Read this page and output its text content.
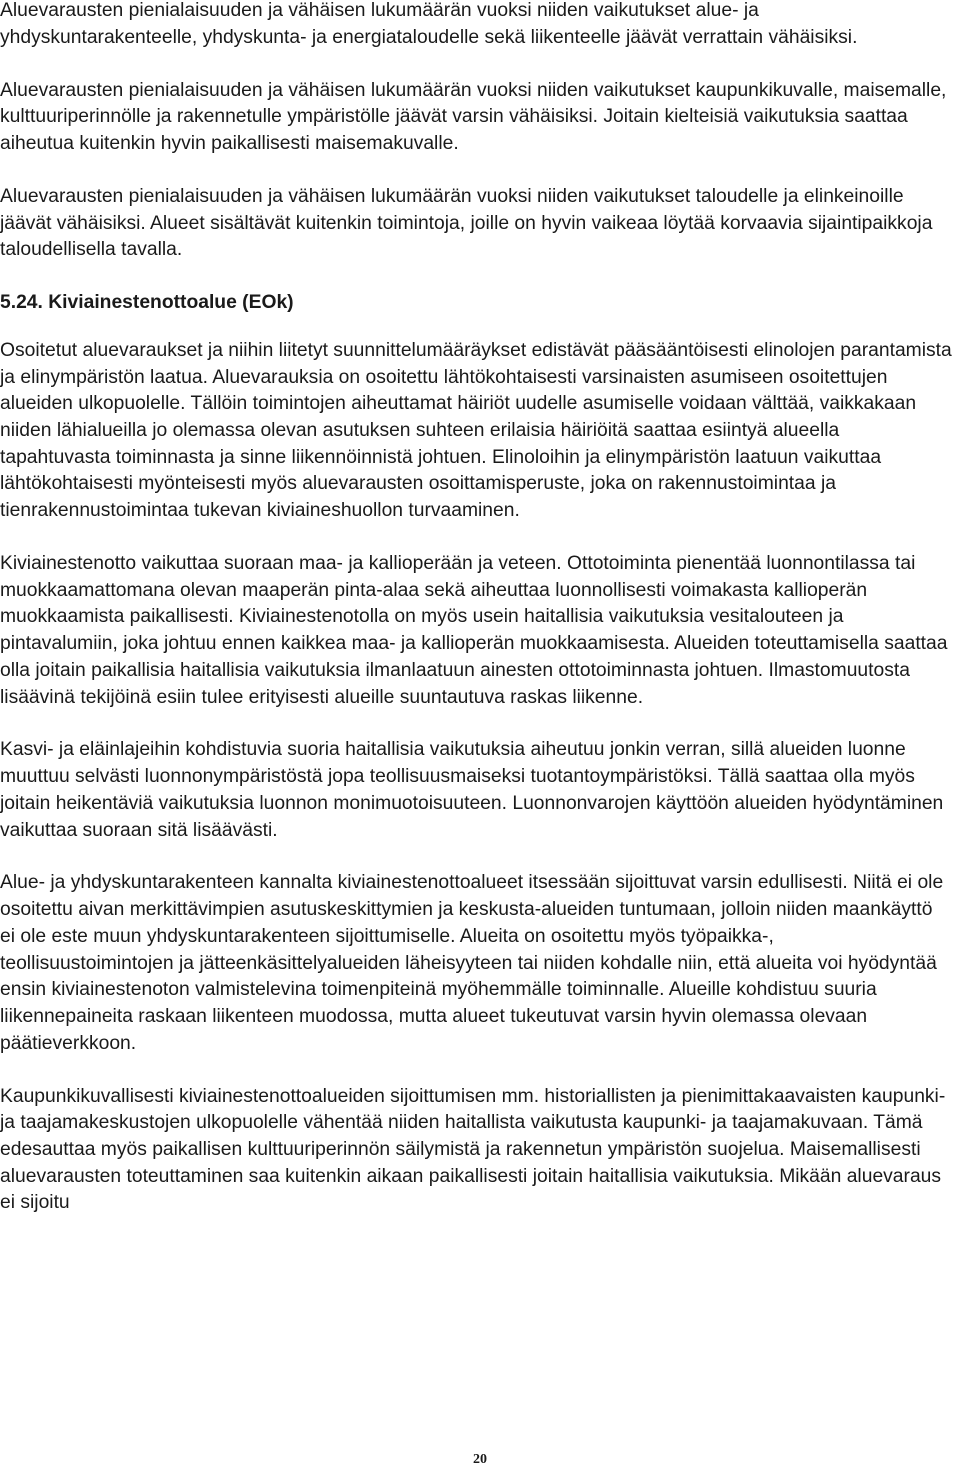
Aluevarausten pienialaisuuden ja vähäisen lukumäärän vuoksi niiden vaikutukset alue- ja yhdyskuntarakenteelle, yhdyskunta- ja energiataloudelle sekä liikenteelle jäävät verrattain vähäisiksi.

Aluevarausten pienialaisuuden ja vähäisen lukumäärän vuoksi niiden vaikutukset kaupunkikuvalle, maisemalle, kulttuuriperinnölle ja rakennetulle ympäristölle jäävät varsin vähäisiksi. Joitain kielteisiä vaikutuksia saattaa aiheutua kuitenkin hyvin paikallisesti maisemakuvalle.

Aluevarausten pienialaisuuden ja vähäisen lukumäärän vuoksi niiden vaikutukset taloudelle ja elinkeinoille jäävät vähäisiksi. Alueet sisältävät kuitenkin toimintoja, joille on hyvin vaikeaa löytää korvaavia sijaintipaikkoja taloudellisella tavalla.

5.24. Kiviainestenottoalue (EOk)

Osoitetut aluevaraukset ja niihin liitetyt suunnittelumääräykset edistävät pääsääntöisesti elinolojen parantamista ja elinympäristön laatua. Aluevarauksia on osoitettu lähtökohtaisesti varsinaisten asumiseen osoitettujen alueiden ulkopuolelle. Tällöin toimintojen aiheuttamat häiriöt uudelle asumiselle voidaan välttää, vaikkakaan niiden lähialueilla jo olemassa olevan asutuksen suhteen erilaisia häiriöitä saattaa esiintyä alueella tapahtuvasta toiminnasta ja sinne liikennöinnistä johtuen. Elinoloihin ja elinympäristön laatuun vaikuttaa lähtökohtaisesti myönteisesti myös aluevarausten osoittamisperuste, joka on rakennustoimintaa ja tienrakennustoimintaa tukevan kiviaineshuollon turvaaminen.

Kiviainestenotto vaikuttaa suoraan maa- ja kallioperään ja veteen. Ottotoiminta pienentää luonnontilassa tai muokkaamattomana olevan maaperän pinta-alaa sekä aiheuttaa luonnollisesti voimakasta kallioperän muokkaamista paikallisesti. Kiviainestenotolla on myös usein haitallisia vaikutuksia vesitalouteen ja pintavalumiin, joka johtuu ennen kaikkea maa- ja kallioperän muokkaamisesta. Alueiden toteuttamisella saattaa olla joitain paikallisia haitallisia vaikutuksia ilmanlaatuun ainesten ottotoiminnasta johtuen. Ilmastomuutosta lisäävinä tekijöinä esiin tulee erityisesti alueille suuntautuva raskas liikenne.

Kasvi- ja eläinlajeihin kohdistuvia suoria haitallisia vaikutuksia aiheutuu jonkin verran, sillä alueiden luonne muuttuu selvästi luonnonympäristöstä jopa teollisuusmaiseksi tuotantoympäristöksi. Tällä saattaa olla myös joitain heikentäviä vaikutuksia luonnon monimuotoisuuteen. Luonnonvarojen käyttöön alueiden hyödyntäminen vaikuttaa suoraan sitä lisäävästi.

Alue- ja yhdyskuntarakenteen kannalta kiviainestenottoalueet itsessään sijoittuvat varsin edullisesti. Niitä ei ole osoitettu aivan merkittävimpien asutuskeskittymien ja keskusta-alueiden tuntumaan, jolloin niiden maankäyttö ei ole este muun yhdyskuntarakenteen sijoittumiselle. Alueita on osoitettu myös työpaikka-, teollisuustoimintojen ja jätteenkäsittelyalueiden läheisyyteen tai niiden kohdalle niin, että alueita voi hyödyntää ensin kiviainestenoton valmistelevina toimenpiteinä myöhemmälle toiminnalle. Alueille kohdistuu suuria liikennepaineita raskaan liikenteen muodossa, mutta alueet tukeutuvat varsin hyvin olemassa olevaan päätieverkkoon.

Kaupunkikuvallisesti kiviainestenottoalueiden sijoittumisen mm. historiallisten ja pienimittakaavaisten kaupunki- ja taajamakeskustojen ulkopuolelle vähentää niiden haitallista vaikutusta kaupunki- ja taajamakuvaan. Tämä edesauttaa myös paikallisen kulttuuriperinnön säilymistä ja rakennetun ympäristön suojelua. Maisemallisesti aluevarausten toteuttaminen saa kuitenkin aikaan paikallisesti joitain haitallisia vaikutuksia. Mikään aluevaraus ei sijoitu

20
